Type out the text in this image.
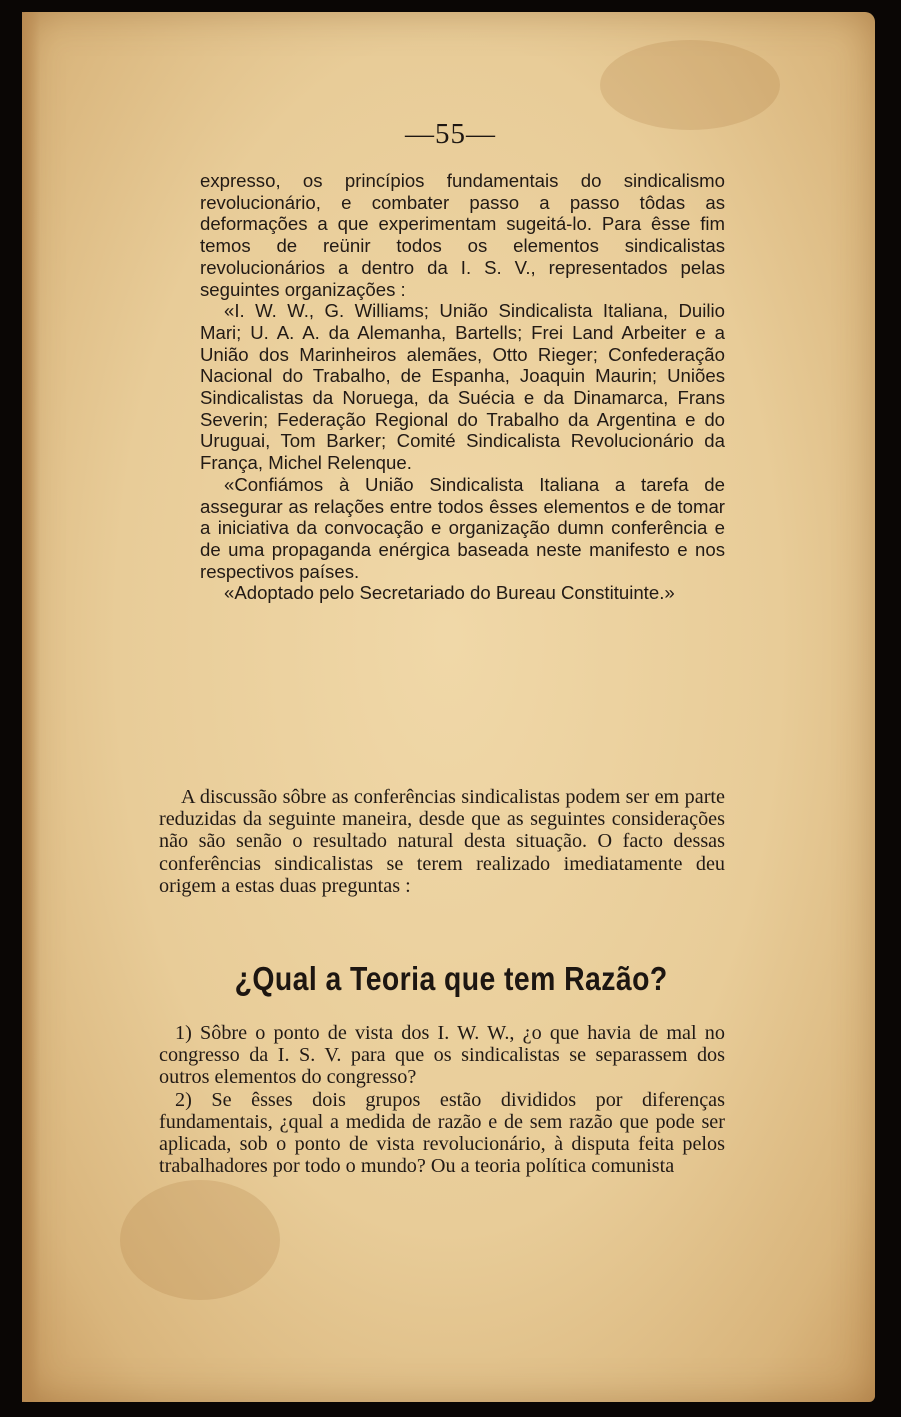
—55—

expresso, os princípios fundamentais do sindicalismo revolucionário, e combater passo a passo tôdas as deformações a que experimentam sugeitá-lo. Para êsse fim temos de reünir todos os elementos sindicalistas revolucionários a dentro da I. S. V., representados pelas seguintes organizações :

«I. W. W., G. Williams; União Sindicalista Italiana, Duilio Mari; U. A. A. da Alemanha, Bartells; Frei Land Arbeiter e a União dos Marinheiros alemães, Otto Rieger; Confederação Nacional do Trabalho, de Espanha, Joaquin Maurin; Uniões Sindicalistas da Noruega, da Suécia e da Dinamarca, Frans Severin; Federação Regional do Trabalho da Argentina e do Uruguai, Tom Barker; Comité Sindicalista Revolucionário da França, Michel Relenque.

«Confiámos à União Sindicalista Italiana a tarefa de assegurar as relações entre todos êsses elementos e de tomar a iniciativa da convocação e organização dumn conferência e de uma propaganda enérgica baseada neste manifesto e nos respectivos países.

«Adoptado pelo Secretariado do Bureau Constituinte.»

A discussão sôbre as conferências sindicalistas podem ser em parte reduzidas da seguinte maneira, desde que as seguintes considerações não são senão o resultado natural desta situação. O facto dessas conferências sindicalistas se terem realizado imediatamente deu origem a estas duas preguntas :

¿Qual a Teoria que tem Razão?

1) Sôbre o ponto de vista dos I. W. W., ¿o que havia de mal no congresso da I. S. V. para que os sindicalistas se separassem dos outros elementos do congresso?

2) Se êsses dois grupos estão divididos por diferenças fundamentais, ¿qual a medida de razão e de sem razão que pode ser aplicada, sob o ponto de vista revolucionário, à disputa feita pelos trabalhadores por todo o mundo? Ou a teoria política comunista
